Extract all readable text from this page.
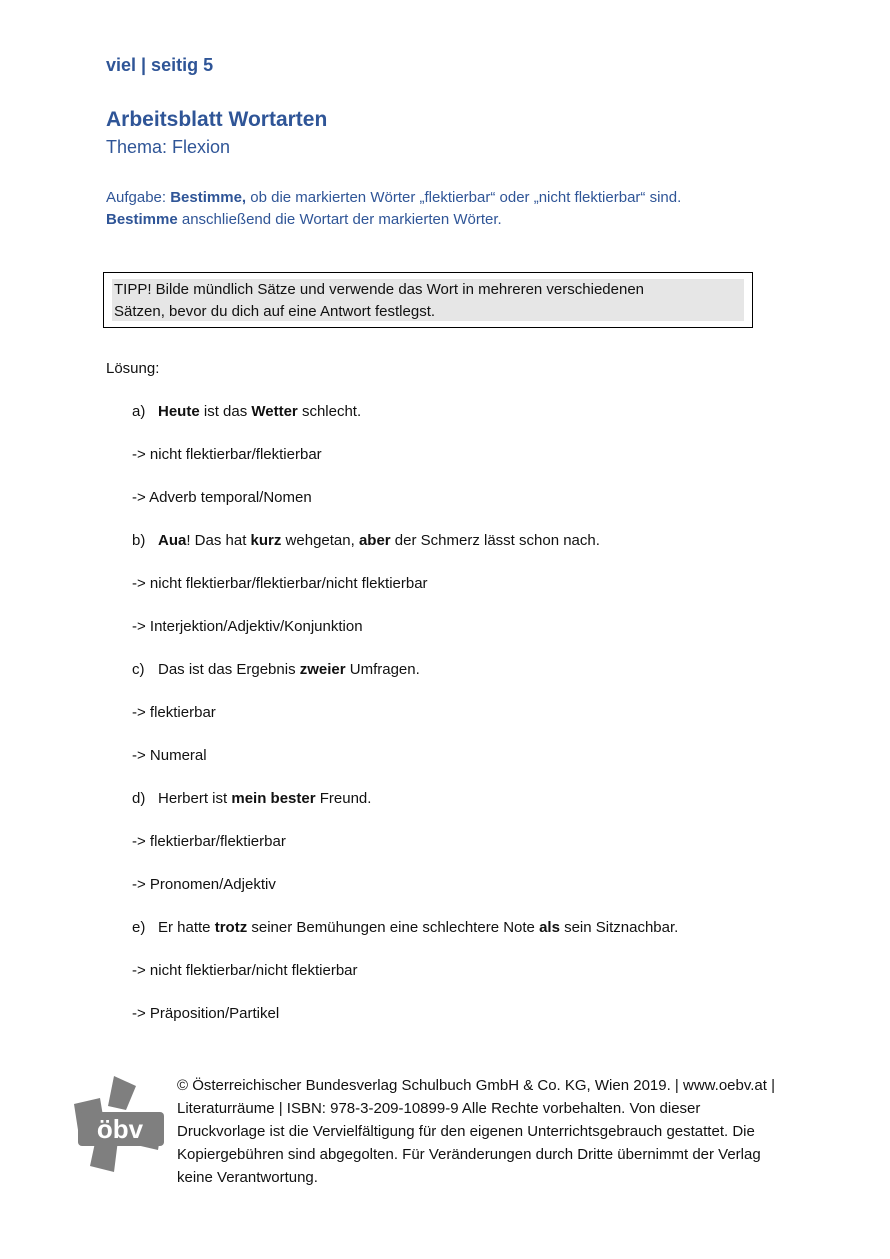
viel | seitig 5
Arbeitsblatt Wortarten
Thema: Flexion
Aufgabe: Bestimme, ob die markierten Wörter „flektierbar“ oder „nicht flektierbar“ sind.
Bestimme anschließend die Wortart der markierten Wörter.
TIPP! Bilde mündlich Sätze und verwende das Wort in mehreren verschiedenen
Sätzen, bevor du dich auf eine Antwort festlegst.
Lösung:
a) Heute ist das Wetter schlecht.
-> nicht flektierbar/flektierbar
-> Adverb temporal/Nomen
b) Aua! Das hat kurz wehgetan, aber der Schmerz lässt schon nach.
-> nicht flektierbar/flektierbar/nicht flektierbar
-> Interjektion/Adjektiv/Konjunktion
c) Das ist das Ergebnis zweier Umfragen.
-> flektierbar
-> Numeral
d) Herbert ist mein bester Freund.
-> flektierbar/flektierbar
-> Pronomen/Adjektiv
e) Er hatte trotz seiner Bemühungen eine schlechtere Note als sein Sitznachbar.
-> nicht flektierbar/nicht flektierbar
-> Präposition/Partikel
öbv
© Österreichischer Bundesverlag Schulbuch GmbH & Co. KG, Wien 2019. | www.oebv.at | Literaturräume | ISBN: 978-3-209-10899-9 Alle Rechte vorbehalten. Von dieser Druckvorlage ist die Vervielfältigung für den eigenen Unterrichtsgebrauch gestattet. Die Kopiergebühren sind abgegolten. Für Veränderungen durch Dritte übernimmt der Verlag keine Verantwortung.
